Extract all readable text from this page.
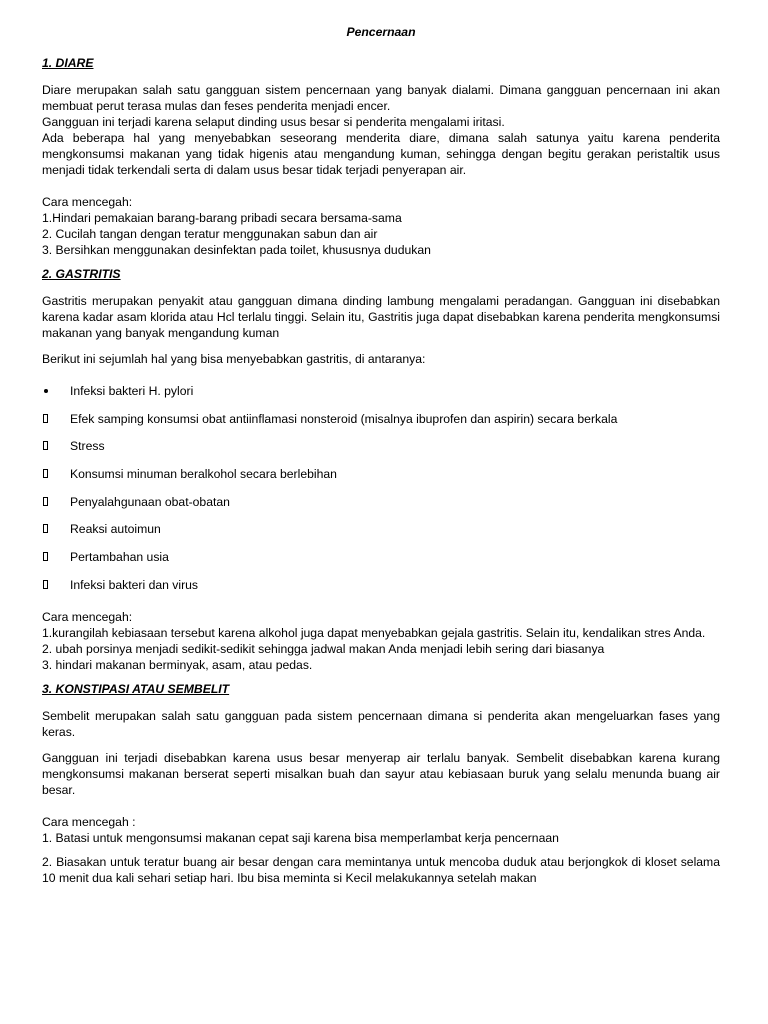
Pencernaan

1. DIARE

Diare merupakan salah satu gangguan sistem pencernaan yang banyak dialami. Dimana gangguan pencernaan ini akan membuat perut terasa mulas dan feses penderita menjadi encer.

Gangguan ini terjadi karena selaput dinding usus besar si penderita mengalami iritasi.

Ada beberapa hal yang menyebabkan seseorang menderita diare, dimana salah satunya yaitu karena penderita mengkonsumsi makanan yang tidak higenis atau mengandung kuman, sehingga dengan begitu gerakan peristaltik usus menjadi tidak terkendali serta di dalam usus besar tidak terjadi penyerapan air.

Cara mencegah:

1.Hindari pemakaian barang-barang pribadi secara bersama-sama

2. Cucilah tangan dengan teratur menggunakan sabun dan air

3. Bersihkan menggunakan desinfektan pada toilet, khususnya dudukan

2. GASTRITIS

Gastritis merupakan penyakit atau gangguan dimana dinding lambung mengalami peradangan. Gangguan ini disebabkan karena kadar asam klorida atau Hcl terlalu tinggi. Selain itu, Gastritis juga dapat disebabkan karena penderita mengkonsumsi makanan yang banyak mengandung kuman

Berikut ini sejumlah hal yang bisa menyebabkan gastritis, di antaranya:

Infeksi bakteri H. pylori
Efek samping konsumsi obat antiinflamasi nonsteroid (misalnya ibuprofen dan aspirin) secara berkala
Stress
Konsumsi minuman beralkohol secara berlebihan
Penyalahgunaan obat-obatan
Reaksi autoimun
Pertambahan usia
Infeksi bakteri dan virus

Cara mencegah:

1.kurangilah kebiasaan tersebut karena alkohol juga dapat menyebabkan gejala gastritis. Selain itu, kendalikan stres Anda.

2. ubah porsinya menjadi sedikit-sedikit sehingga jadwal makan Anda menjadi lebih sering dari biasanya

3. hindari makanan berminyak, asam, atau pedas.

3. KONSTIPASI ATAU SEMBELIT

Sembelit merupakan salah satu gangguan pada sistem pencernaan dimana si penderita akan mengeluarkan fases yang keras.

Gangguan ini terjadi disebabkan karena usus besar menyerap air terlalu banyak. Sembelit disebabkan karena kurang mengkonsumsi makanan berserat seperti misalkan buah dan sayur atau kebiasaan buruk yang selalu menunda buang air besar.

Cara mencegah :

1. Batasi untuk mengonsumsi makanan cepat saji karena bisa memperlambat kerja pencernaan

2. Biasakan untuk teratur buang air besar dengan cara memintanya untuk mencoba duduk atau berjongkok di kloset selama 10 menit dua kali sehari setiap hari. Ibu bisa meminta si Kecil melakukannya setelah makan
